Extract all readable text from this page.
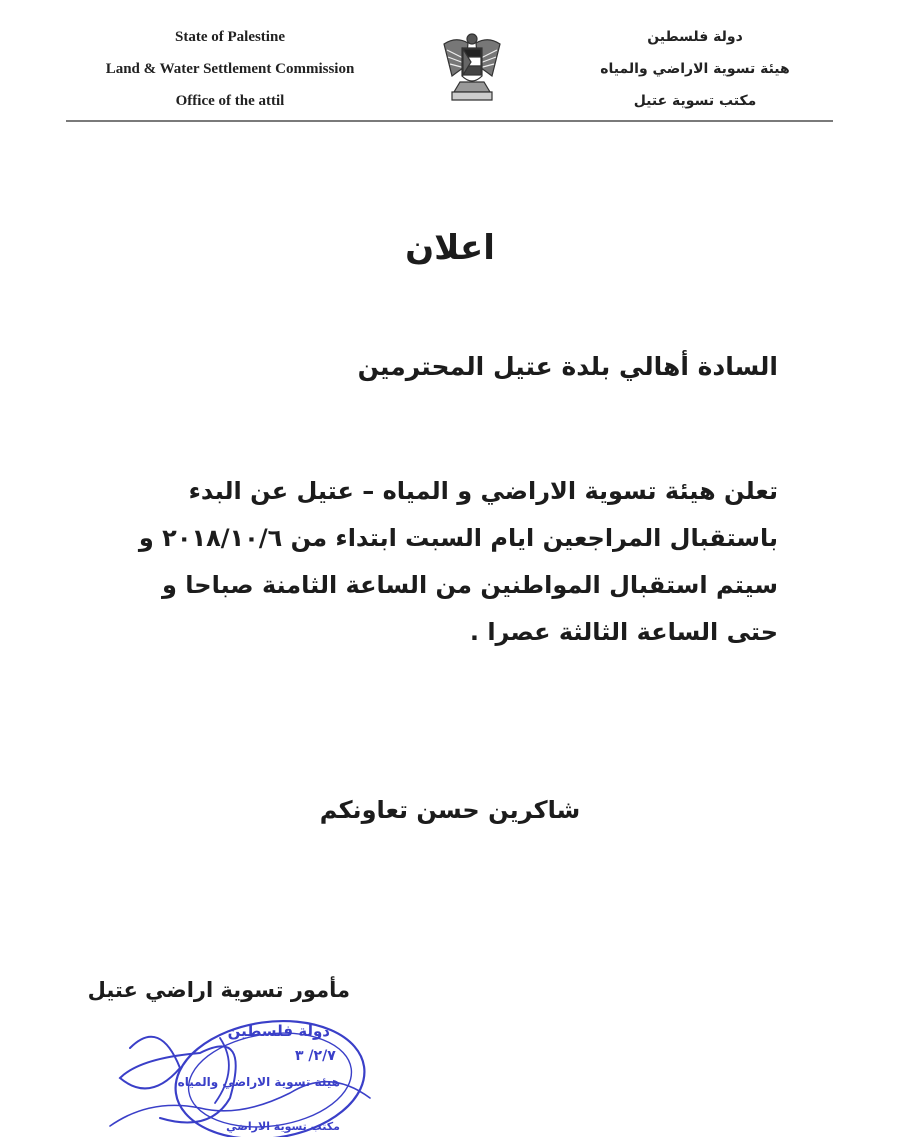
State of Palestine
Land & Water Settlement Commission
Office of the attil
دولة فلسطين
هيئة تسوية الاراضي والمياه
مكتب تسوية عتيل
اعلان
السادة أهالي بلدة عتيل المحترمين
تعلن هيئة تسوية الاراضي و المياه – عتيل عن البدء باستقبال المراجعين ايام السبت ابتداء من ٢٠١٨/١٠/٦ و سيتم استقبال المواطنين من الساعة الثامنة صباحا و حتى الساعة الثالثة عصرا .
شاكرين حسن تعاونكم
مأمور تسوية اراضي عتيل
دولة فلسطين
هيئة تسوية الاراضي والمياه
مكتب تسوية الاراضي
٢/٧/ ٣
